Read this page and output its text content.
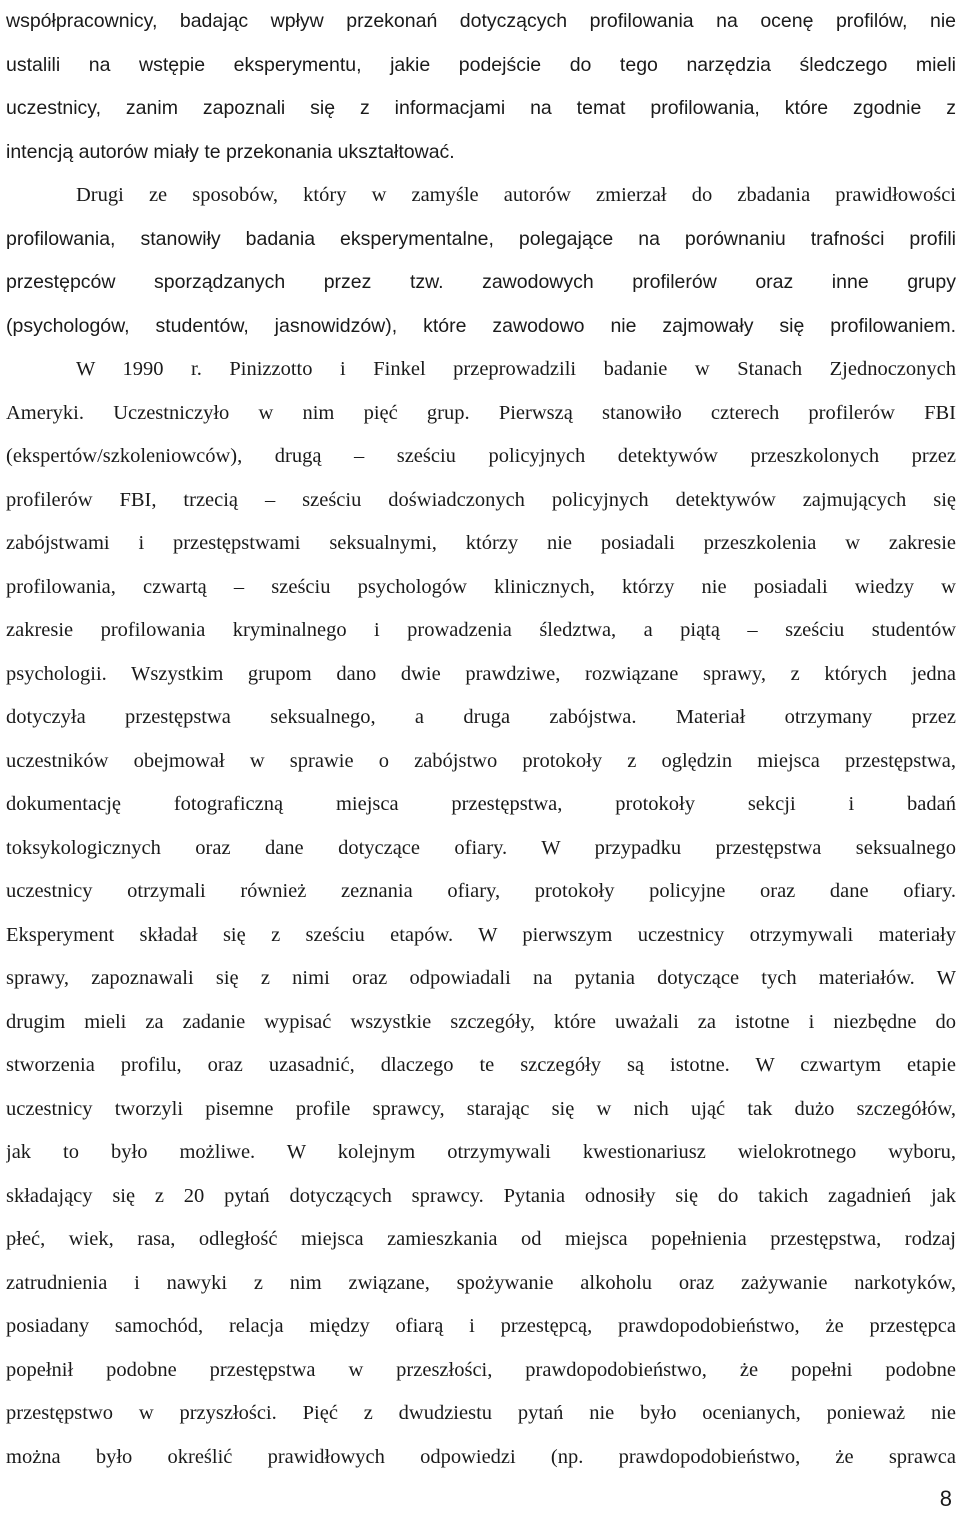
współpracownicy, badając wpływ przekonań dotyczących profilowania na ocenę profilów, nie
ustalili na wstępie eksperymentu, jakie podejście do tego narzędzia śledczego mieli
uczestnicy, zanim zapoznali się z informacjami na temat profilowania, które zgodnie z
intencją autorów miały te przekonania ukształtować.
Drugi ze sposobów, który w zamyśle autorów zmierzał do zbadania prawidłowości
profilowania, stanowiły badania eksperymentalne, polegające na porównaniu trafności profili
przestępców sporządzanych przez tzw. zawodowych profilerów oraz inne grupy
(psychologów, studentów, jasnowidzów), które zawodowo nie zajmowały się profilowaniem.
W 1990 r. Pinizzotto i Finkel przeprowadzili badanie w Stanach Zjednoczonych
Ameryki. Uczestniczyło w nim pięć grup. Pierwszą stanowiło czterech profilerów FBI
(ekspertów/szkoleniowców), drugą – sześciu policyjnych detektywów przeszkolonych przez
profilerów FBI, trzecią – sześciu doświadczonych policyjnych detektywów zajmujących się
zabójstwami i przestępstwami seksualnymi, którzy nie posiadali przeszkolenia w zakresie
profilowania, czwartą – sześciu psychologów klinicznych, którzy nie posiadali wiedzy w
zakresie profilowania kryminalnego i prowadzenia śledztwa, a piątą – sześciu studentów
psychologii. Wszystkim grupom dano dwie prawdziwe, rozwiązane sprawy, z których jedna
dotyczyła przestępstwa seksualnego, a druga zabójstwa. Materiał otrzymany przez
uczestników obejmował w sprawie o zabójstwo protokoły z oględzin miejsca przestępstwa,
dokumentację fotograficzną miejsca przestępstwa, protokoły sekcji i badań
toksykologicznych oraz dane dotyczące ofiary. W przypadku przestępstwa seksualnego
uczestnicy otrzymali również zeznania ofiary, protokoły policyjne oraz dane ofiary.
Eksperyment składał się z sześciu etapów. W pierwszym uczestnicy otrzymywali materiały
sprawy, zapoznawali się z nimi oraz odpowiadali na pytania dotyczące tych materiałów. W
drugim mieli za zadanie wypisać wszystkie szczegóły, które uważali za istotne i niezbędne do
stworzenia profilu, oraz uzasadnić, dlaczego te szczegóły są istotne. W czwartym etapie
uczestnicy tworzyli pisemne profile sprawcy, starając się w nich ująć tak dużo szczegółów,
jak to było możliwe. W kolejnym otrzymywali kwestionariusz wielokrotnego wyboru,
składający się z 20 pytań dotyczących sprawcy. Pytania odnosiły się do takich zagadnień jak
płeć, wiek, rasa, odległość miejsca zamieszkania od miejsca popełnienia przestępstwa, rodzaj
zatrudnienia i nawyki z nim związane, spożywanie alkoholu oraz zażywanie narkotyków,
posiadany samochód, relacja między ofiarą i przestępcą, prawdopodobieństwo, że przestępca
popełnił podobne przestępstwa w przeszłości, prawdopodobieństwo, że popełni podobne
przestępstwo w przyszłości. Pięć z dwudziestu pytań nie było ocenianych, ponieważ nie
można było określić prawidłowych odpowiedzi (np. prawdopodobieństwo, że sprawca
8
